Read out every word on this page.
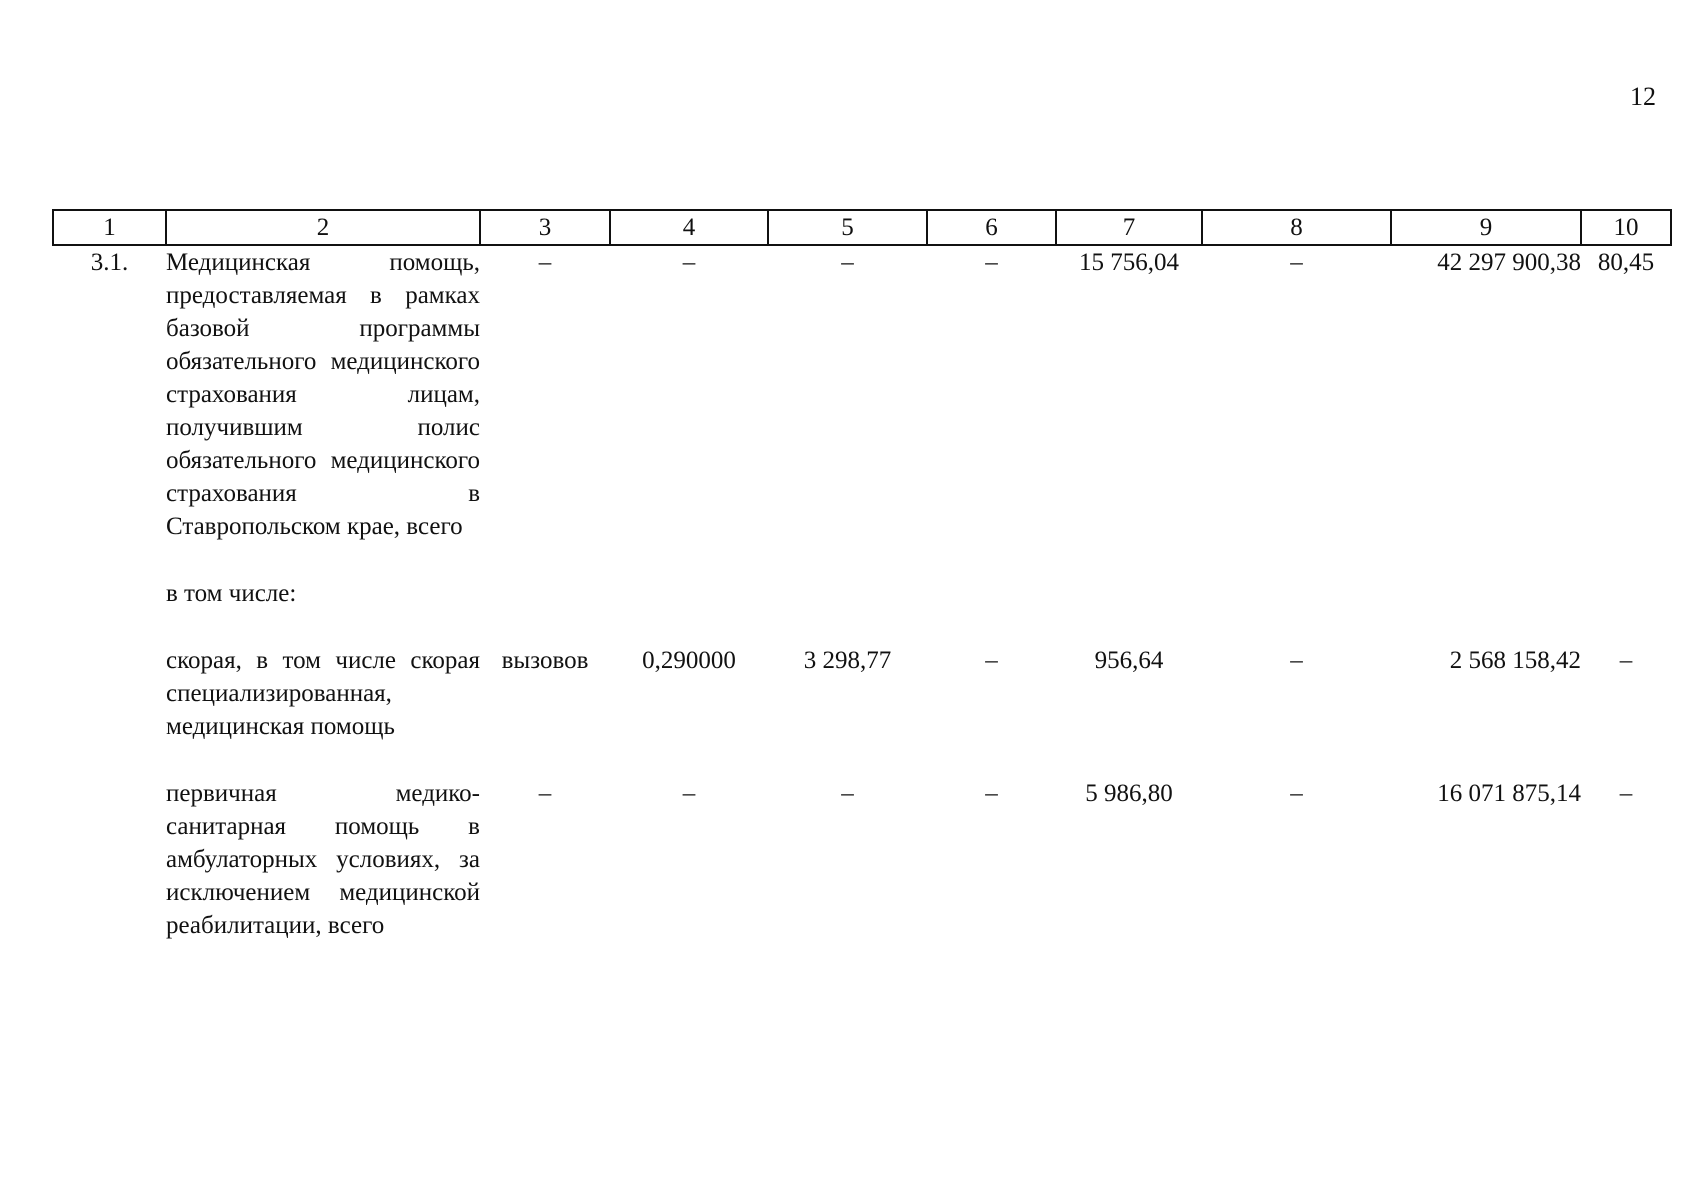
12
1	2	3	4	5	6	7	8	9	10
3.1.	Медицинская помощь, предоставляемая в рамках базовой программы обязательного медицинского страхования лицам, получившим полис обязательного медицинского страхования в Ставропольском крае, всего	–	–	–	–	15 756,04	–	42 297 900,38	80,45

	в том числе:								

	скорая, в том числе скорая специализированная, медицинская помощь	вызовов	0,290000	3 298,77	–	956,64	–	2 568 158,42	–

	первичная медико-санитарная помощь в амбулаторных условиях, за исключением медицинской реабилитации, всего	–	–	–	–	5 986,80	–	16 071 875,14	–
